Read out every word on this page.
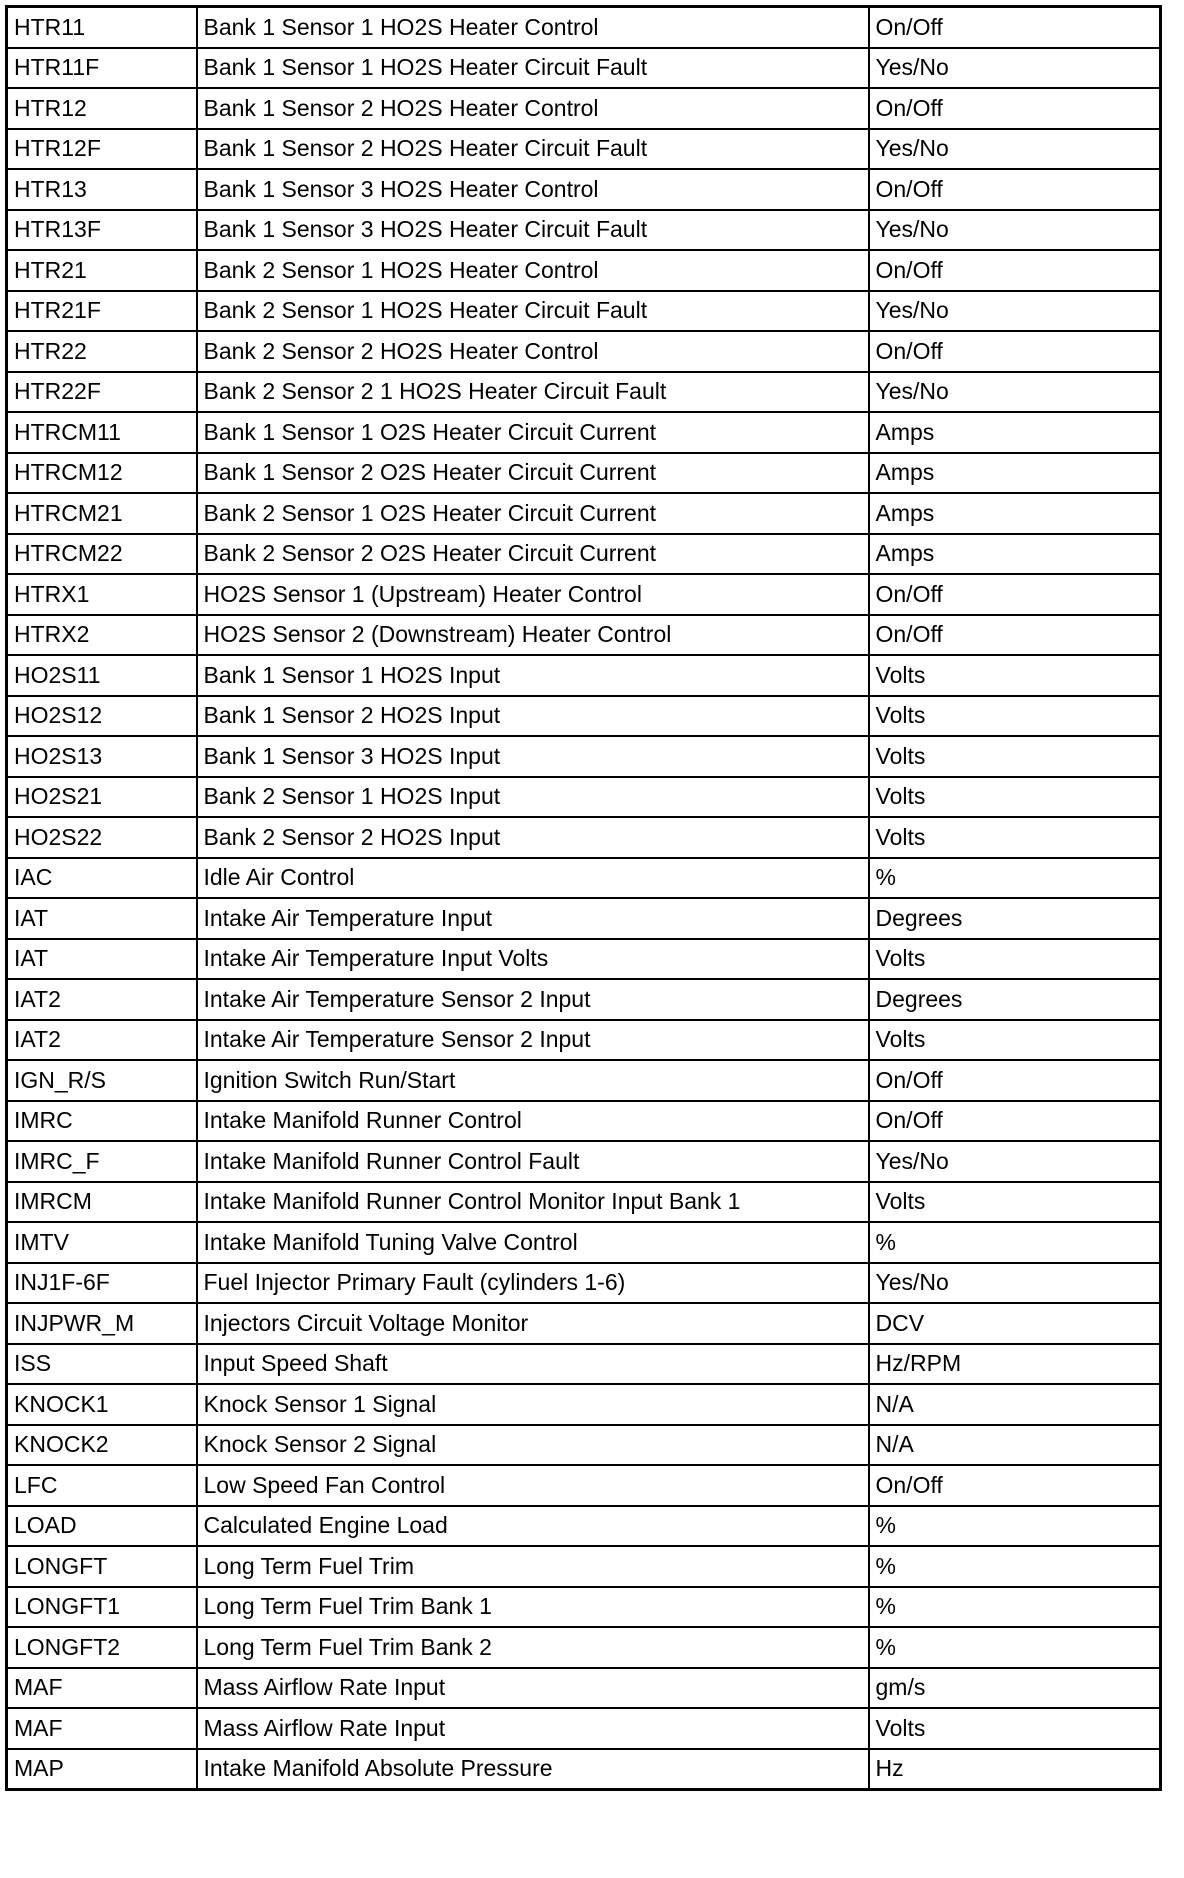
HTR11	Bank 1 Sensor 1 HO2S Heater Control	On/Off
HTR11F	Bank 1 Sensor 1 HO2S Heater Circuit Fault	Yes/No
HTR12	Bank 1 Sensor 2 HO2S Heater Control	On/Off
HTR12F	Bank 1 Sensor 2 HO2S Heater Circuit Fault	Yes/No
HTR13	Bank 1 Sensor 3 HO2S Heater Control	On/Off
HTR13F	Bank 1 Sensor 3 HO2S Heater Circuit Fault	Yes/No
HTR21	Bank 2 Sensor 1 HO2S Heater Control	On/Off
HTR21F	Bank 2 Sensor 1 HO2S Heater Circuit Fault	Yes/No
HTR22	Bank 2 Sensor 2 HO2S Heater Control	On/Off
HTR22F	Bank 2 Sensor 2 1 HO2S Heater Circuit Fault	Yes/No
HTRCM11	Bank 1 Sensor 1 O2S Heater Circuit Current	Amps
HTRCM12	Bank 1 Sensor 2 O2S Heater Circuit Current	Amps
HTRCM21	Bank 2 Sensor 1 O2S Heater Circuit Current	Amps
HTRCM22	Bank 2 Sensor 2 O2S Heater Circuit Current	Amps
HTRX1	HO2S Sensor 1 (Upstream) Heater Control	On/Off
HTRX2	HO2S Sensor 2 (Downstream) Heater Control	On/Off
HO2S11	Bank 1 Sensor 1 HO2S Input	Volts
HO2S12	Bank 1 Sensor 2 HO2S Input	Volts
HO2S13	Bank 1 Sensor 3 HO2S Input	Volts
HO2S21	Bank 2 Sensor 1 HO2S Input	Volts
HO2S22	Bank 2 Sensor 2 HO2S Input	Volts
IAC	Idle Air Control	%
IAT	Intake Air Temperature Input	Degrees
IAT	Intake Air Temperature Input Volts	Volts
IAT2	Intake Air Temperature Sensor 2 Input	Degrees
IAT2	Intake Air Temperature Sensor 2 Input	Volts
IGN_R/S	Ignition Switch Run/Start	On/Off
IMRC	Intake Manifold Runner Control	On/Off
IMRC_F	Intake Manifold Runner Control Fault	Yes/No
IMRCM	Intake Manifold Runner Control Monitor Input Bank 1	Volts
IMTV	Intake Manifold Tuning Valve Control	%
INJ1F-6F	Fuel Injector Primary Fault (cylinders 1-6)	Yes/No
INJPWR_M	Injectors Circuit Voltage Monitor	DCV
ISS	Input Speed Shaft	Hz/RPM
KNOCK1	Knock Sensor 1 Signal	N/A
KNOCK2	Knock Sensor 2 Signal	N/A
LFC	Low Speed Fan Control	On/Off
LOAD	Calculated Engine Load	%
LONGFT	Long Term Fuel Trim	%
LONGFT1	Long Term Fuel Trim Bank 1	%
LONGFT2	Long Term Fuel Trim Bank 2	%
MAF	Mass Airflow Rate Input	gm/s
MAF	Mass Airflow Rate Input	Volts
MAP	Intake Manifold Absolute Pressure	Hz
